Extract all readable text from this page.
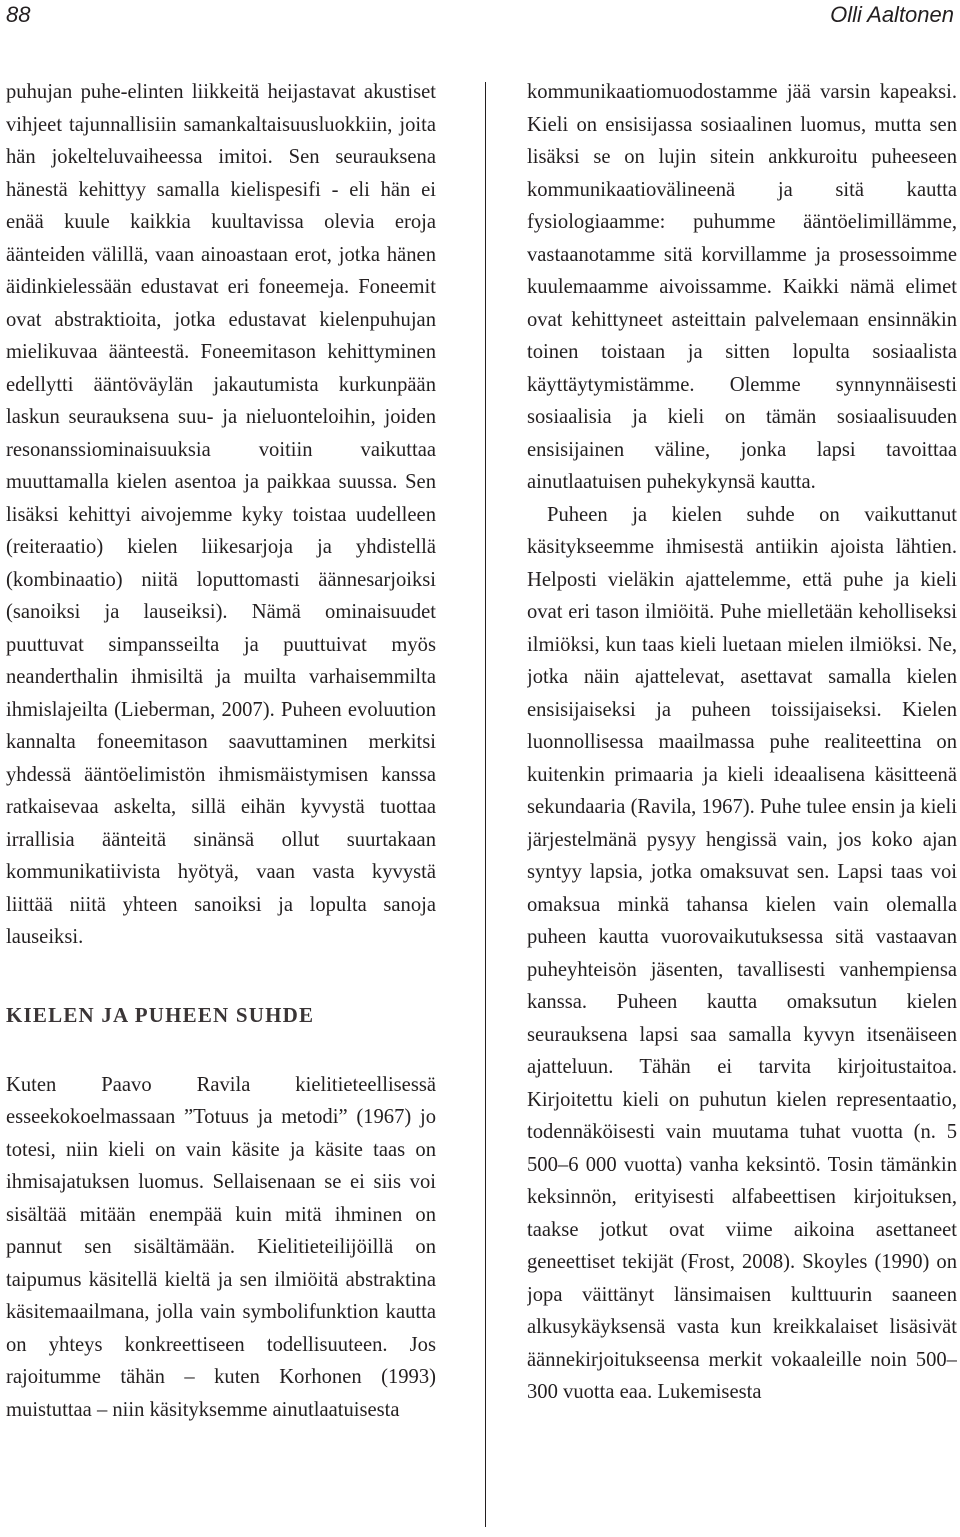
88	Olli Aaltonen

puhujan puhe-elinten liikkeitä heijastavat akustiset vihjeet tajunnallisiin samankaltaisuusluokkiin, joita hän jokelteluvaiheessa imitoi. Sen seurauksena hänestä kehittyy samalla kielispesifi - eli hän ei enää kuule kaikkia kuultavissa olevia eroja äänteiden välillä, vaan ainoastaan erot, jotka hänen äidinkielessään edustavat eri foneemeja. Foneemit ovat abstraktioita, jotka edustavat kielenpuhujan mielikuvaa äänteestä. Foneemitason kehittyminen edellytti ääntöväylän jakautumista kurkunpään laskun seurauksena suu- ja nieluonteloihin, joiden resonanssiominaisuuksia voitiin vaikuttaa muuttamalla kielen asentoa ja paikkaa suussa. Sen lisäksi kehittyi aivojemme kyky toistaa uudelleen (reiteraatio) kielen liikesarjoja ja yhdistellä (kombinaatio) niitä loputtomasti äännesarjoiksi (sanoiksi ja lauseiksi). Nämä ominaisuudet puuttuvat simpansseilta ja puuttuivat myös neanderthalin ihmisiltä ja muilta varhaisemmilta ihmislajeilta (Lieberman, 2007). Puheen evoluution kannalta foneemitason saavuttaminen merkitsi yhdessä ääntöelimistön ihmismäistymisen kanssa ratkaisevaa askelta, sillä eihän kyvystä tuottaa irrallisia äänteitä sinänsä ollut suurtakaan kommunikatiivista hyötyä, vaan vasta kyvystä liittää niitä yhteen sanoiksi ja lopulta sanoja lauseiksi.

KIELEN JA PUHEEN SUHDE

Kuten Paavo Ravila kielitieteellisessä esseekokoelmassaan ”Totuus ja metodi” (1967) jo totesi, niin kieli on vain käsite ja käsite taas on ihmisajatuksen luomus. Sellaisenaan se ei siis voi sisältää mitään enempää kuin mitä ihminen on pannut sen sisältämään. Kielitieteilijöillä on taipumus käsitellä kieltä ja sen ilmiöitä abstraktina käsitemaailmana, jolla vain symbolifunktion kautta on yhteys konkreettiseen todellisuuteen. Jos rajoitumme tähän – kuten Korhonen (1993) muistuttaa – niin käsityksemme ainutlaatuisesta

kommunikaatiomuodostamme jää varsin kapeaksi. Kieli on ensisijassa sosiaalinen luomus, mutta sen lisäksi se on lujin sitein ankkuroitu puheeseen kommunikaatiovälineenä ja sitä kautta fysiologiaamme: puhumme ääntöelimillämme, vastaanotamme sitä korvillamme ja prosessoimme kuulemaamme aivoissamme. Kaikki nämä elimet ovat kehittyneet asteittain palvelemaan ensinnäkin toinen toistaan ja sitten lopulta sosiaalista käyttäytymistämme. Olemme synnynnäisesti sosiaalisia ja kieli on tämän sosiaalisuuden ensisijainen väline, jonka lapsi tavoittaa ainutlaatuisen puhekykynsä kautta.

Puheen ja kielen suhde on vaikuttanut käsitykseemme ihmisestä antiikin ajoista lähtien. Helposti vieläkin ajattelemme, että puhe ja kieli ovat eri tason ilmiöitä. Puhe mielletään keholliseksi ilmiöksi, kun taas kieli luetaan mielen ilmiöksi. Ne, jotka näin ajattelevat, asettavat samalla kielen ensisijaiseksi ja puheen toissijaiseksi. Kielen luonnollisessa maailmassa puhe realiteettina on kuitenkin primaaria ja kieli ideaalisena käsitteenä sekundaaria (Ravila, 1967). Puhe tulee ensin ja kieli järjestelmänä pysyy hengissä vain, jos koko ajan syntyy lapsia, jotka omaksuvat sen. Lapsi taas voi omaksua minkä tahansa kielen vain olemalla puheen kautta vuorovaikutuksessa sitä vastaavan puheyhteisön jäsenten, tavallisesti vanhempiensa kanssa. Puheen kautta omaksutun kielen seurauksena lapsi saa samalla kyvyn itsenäiseen ajatteluun. Tähän ei tarvita kirjoitustaitoa. Kirjoitettu kieli on puhutun kielen representaatio, todennäköisesti vain muutama tuhat vuotta (n. 5 500–6 000 vuotta) vanha keksintö. Tosin tämänkin keksinnön, erityisesti alfabeettisen kirjoituksen, taakse jotkut ovat viime aikoina asettaneet geneettiset tekijät (Frost, 2008). Skoyles (1990) on jopa väittänyt länsimaisen kulttuurin saaneen alkusykäyksensä vasta kun kreikkalaiset lisäsivät äännekirjoitukseensa merkit vokaaleille noin 500–300 vuotta eaa. Lukemisesta
